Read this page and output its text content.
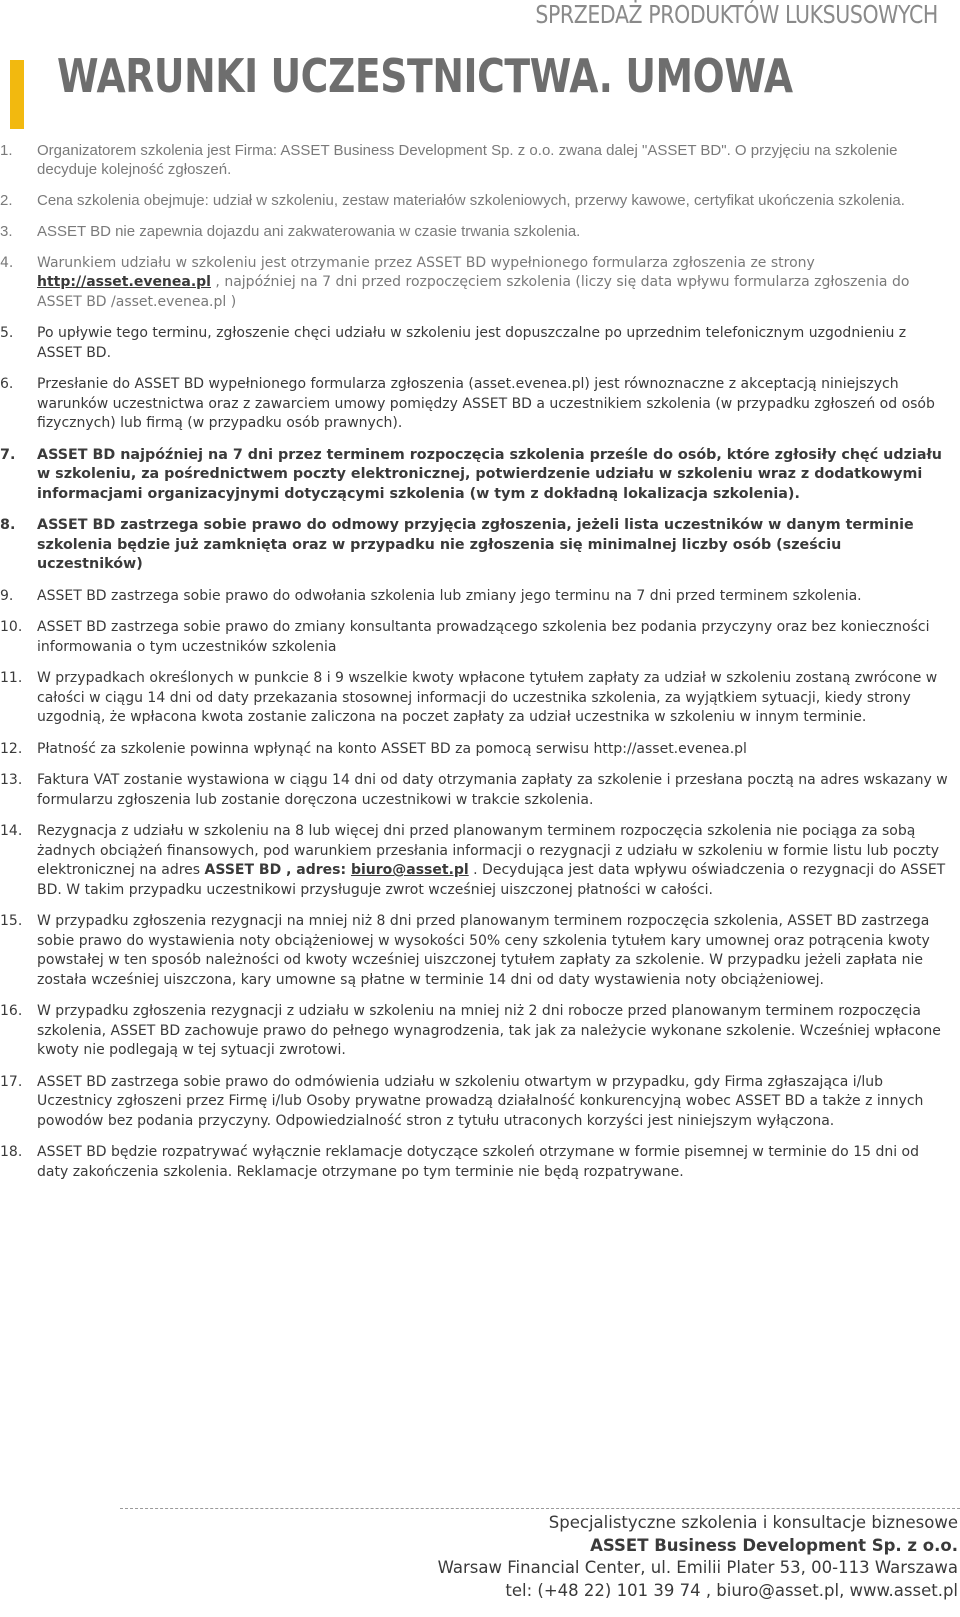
SPRZEDAŻ PRODUKTÓW LUKSUSOWYCH
WARUNKI UCZESTNICTWA. UMOWA
1. Organizatorem szkolenia jest Firma: ASSET Business Development Sp. z o.o. zwana dalej "ASSET BD". O przyjęciu na szkolenie decyduje kolejność zgłoszeń.
2. Cena szkolenia obejmuje: udział w szkoleniu, zestaw materiałów szkoleniowych, przerwy kawowe, certyfikat ukończenia szkolenia.
3. ASSET BD nie zapewnia dojazdu ani zakwaterowania w czasie trwania szkolenia.
4. Warunkiem udziału w szkoleniu jest otrzymanie przez ASSET BD wypełnionego formularza zgłoszenia ze strony http://asset.evenea.pl , najpóźniej na 7 dni przed rozpoczęciem szkolenia (liczy się data wpływu formularza zgłoszenia do ASSET BD /asset.evenea.pl )
5. Po upływie tego terminu, zgłoszenie chęci udziału w szkoleniu jest dopuszczalne po uprzednim telefonicznym uzgodnieniu z ASSET BD.
6. Przesłanie do ASSET BD wypełnionego formularza zgłoszenia (asset.evenea.pl) jest równoznaczne z akceptacją niniejszych warunków uczestnictwa oraz z zawarciem umowy pomiędzy ASSET BD a uczestnikiem szkolenia (w przypadku zgłoszeń od osób fizycznych) lub firmą (w przypadku osób prawnych).
7. ASSET BD najpóźniej na 7 dni przez terminem rozpoczęcia szkolenia prześle do osób, które zgłosiły chęć udziału w szkoleniu, za pośrednictwem poczty elektronicznej, potwierdzenie udziału w szkoleniu wraz z dodatkowymi informacjami organizacyjnymi dotyczącymi szkolenia (w tym z dokładną lokalizacja szkolenia).
8. ASSET BD zastrzega sobie prawo do odmowy przyjęcia zgłoszenia, jeżeli lista uczestników w danym terminie szkolenia będzie już zamknięta oraz w przypadku nie zgłoszenia się minimalnej liczby osób (sześciu uczestników)
9. ASSET BD zastrzega sobie prawo do odwołania szkolenia lub zmiany jego terminu na 7 dni przed terminem szkolenia.
10. ASSET BD zastrzega sobie prawo do zmiany konsultanta prowadzącego szkolenia bez podania przyczyny oraz bez konieczności informowania o tym uczestników szkolenia
11. W przypadkach określonych w punkcie 8 i 9 wszelkie kwoty wpłacone tytułem zapłaty za udział w szkoleniu zostaną zwrócone w całości w ciągu 14 dni od daty przekazania stosownej informacji do uczestnika szkolenia, za wyjątkiem sytuacji, kiedy strony uzgodnią, że wpłacona kwota zostanie zaliczona na poczet zapłaty za udział uczestnika w szkoleniu w innym terminie.
12. Płatność za szkolenie powinna wpłynąć na konto ASSET BD za pomocą serwisu http://asset.evenea.pl
13. Faktura VAT zostanie wystawiona w ciągu 14 dni od daty otrzymania zapłaty za szkolenie i przesłana pocztą na adres wskazany w formularzu zgłoszenia lub zostanie doręczona uczestnikowi w trakcie szkolenia.
14. Rezygnacja z udziału w szkoleniu na 8 lub więcej dni przed planowanym terminem rozpoczęcia szkolenia nie pociąga za sobą żadnych obciążeń finansowych, pod warunkiem przesłania informacji o rezygnacji z udziału w szkoleniu w formie listu lub poczty elektronicznej na adres ASSET BD , adres: biuro@asset.pl . Decydująca jest data wpływu oświadczenia o rezygnacji do ASSET BD. W takim przypadku uczestnikowi przysługuje zwrot wcześniej uiszczonej płatności w całości.
15. W przypadku zgłoszenia rezygnacji na mniej niż 8 dni przed planowanym terminem rozpoczęcia szkolenia, ASSET BD zastrzega sobie prawo do wystawienia noty obciążeniowej w wysokości 50% ceny szkolenia tytułem kary umownej oraz potrącenia kwoty powstałej w ten sposób należności od kwoty wcześniej uiszczonej tytułem zapłaty za szkolenie. W przypadku jeżeli zapłata nie została wcześniej uiszczona, kary umowne są płatne w terminie 14 dni od daty wystawienia noty obciążeniowej.
16. W przypadku zgłoszenia rezygnacji z udziału w szkoleniu na mniej niż 2 dni robocze przed planowanym terminem rozpoczęcia szkolenia, ASSET BD zachowuje prawo do pełnego wynagrodzenia, tak jak za należycie wykonane szkolenie. Wcześniej wpłacone kwoty nie podlegają w tej sytuacji zwrotowi.
17. ASSET BD zastrzega sobie prawo do odmówienia udziału w szkoleniu otwartym w przypadku, gdy Firma zgłaszająca i/lub Uczestnicy zgłoszeni przez Firmę i/lub Osoby prywatne prowadzą działalność konkurencyjną wobec ASSET BD a także z innych powodów bez podania przyczyny. Odpowiedzialność stron z tytułu utraconych korzyści jest niniejszym wyłączona.
18. ASSET BD będzie rozpatrywać wyłącznie reklamacje dotyczące szkoleń otrzymane w formie pisemnej w terminie do 15 dni od daty zakończenia szkolenia. Reklamacje otrzymane po tym terminie nie będą rozpatrywane.
Specjalistyczne szkolenia i konsultacje biznesowe
ASSET Business Development Sp. z o.o.
Warsaw Financial Center, ul. Emilii Plater 53, 00-113 Warszawa
tel: (+48 22) 101 39 74 , biuro@asset.pl, www.asset.pl
